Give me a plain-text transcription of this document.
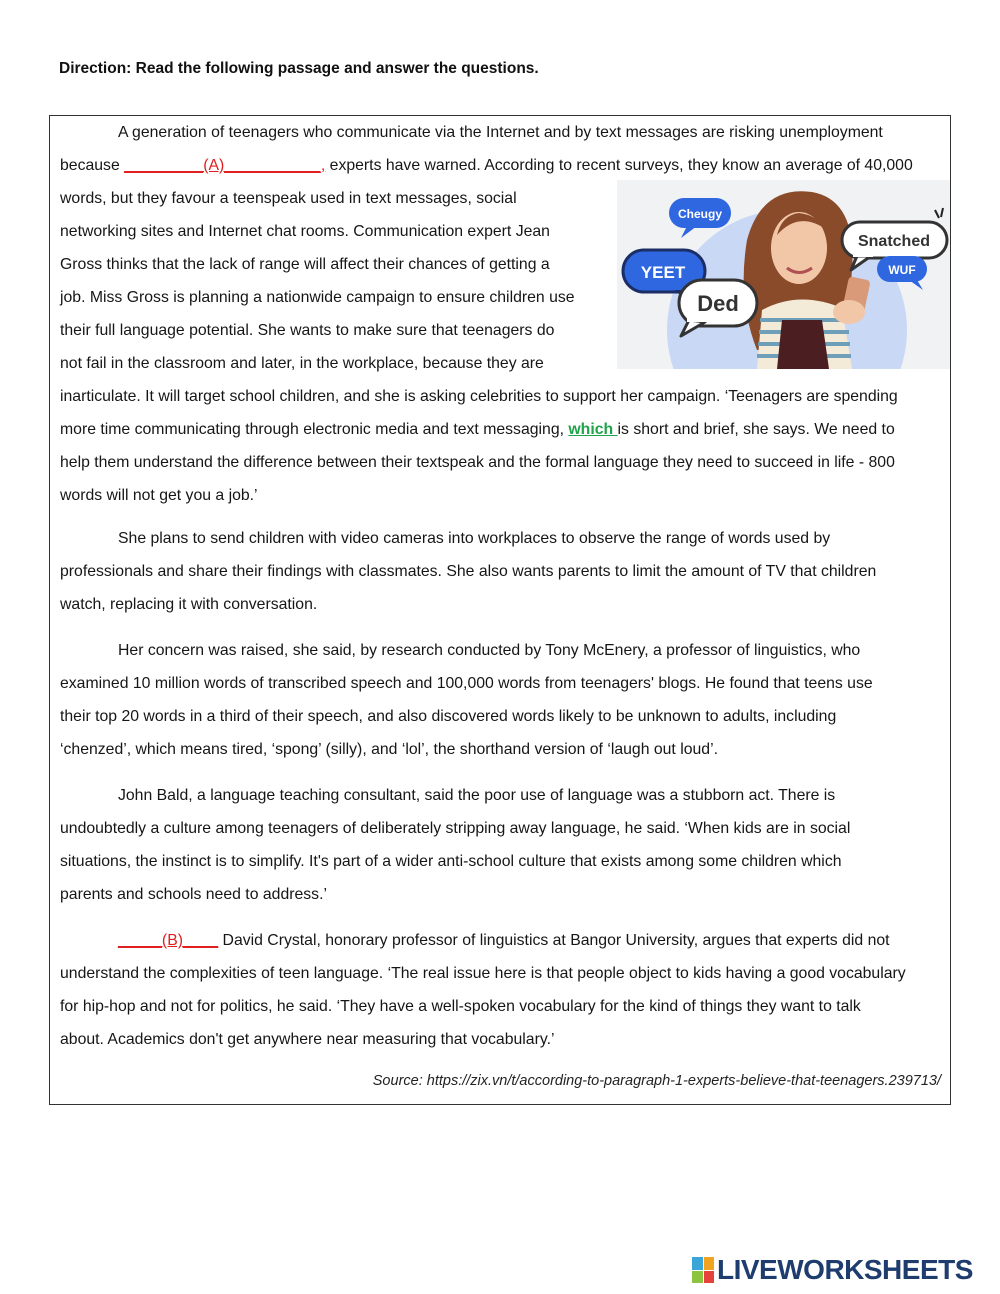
Direction: Read the following passage and answer the questions.
A generation of teenagers who communicate via the Internet and by text messages are risking unemployment
because _________(A)___________, experts have warned. According to recent surveys, they know an average of 40,000
words, but they favour a teenspeak used in text messages, social
networking sites and Internet chat rooms. Communication expert Jean
Gross thinks that the lack of range will affect their chances of getting a
job. Miss Gross is planning a nationwide campaign to ensure children use
their full language potential. She wants to make sure that teenagers do
not fail in the classroom and later, in the workplace, because they are
inarticulate. It will target school children, and she is asking celebrities to support her campaign. ‘Teenagers are spending
more time communicating through electronic media and text messaging, which is short and brief, she says. We need to
help them understand the difference between their textspeak and the formal language they need to succeed in life - 800
words will not get you a job.’
Cheugy
Snatched
YEET	WUF
Ded
She plans to send children with video cameras into workplaces to observe the range of words used by
professionals and share their findings with classmates. She also wants parents to limit the amount of TV that children
watch, replacing it with conversation.
Her concern was raised, she said, by research conducted by Tony McEnery, a professor of linguistics, who
examined 10 million words of transcribed speech and 100,000 words from teenagers' blogs. He found that teens use
their top 20 words in a third of their speech, and also discovered words likely to be unknown to adults, including
‘chenzed’, which means tired, ‘spong’ (silly), and ‘lol’, the shorthand version of ‘laugh out loud’.
John Bald, a language teaching consultant, said the poor use of language was a stubborn act. There is
undoubtedly a culture among teenagers of deliberately stripping away language, he said. ‘When kids are in social
situations, the instinct is to simplify. It's part of a wider anti-school culture that exists among some children which
parents and schools need to address.’
_____(B)____ David Crystal, honorary professor of linguistics at Bangor University, argues that experts did not
understand the complexities of teen language. ‘The real issue here is that people object to kids having a good vocabulary
for hip-hop and not for politics, he said. ‘They have a well-spoken vocabulary for the kind of things they want to talk
about. Academics don't get anywhere near measuring that vocabulary.’
Source: https://zix.vn/t/according-to-paragraph-1-experts-believe-that-teenagers.239713/
LIVEWORKSHEETS
